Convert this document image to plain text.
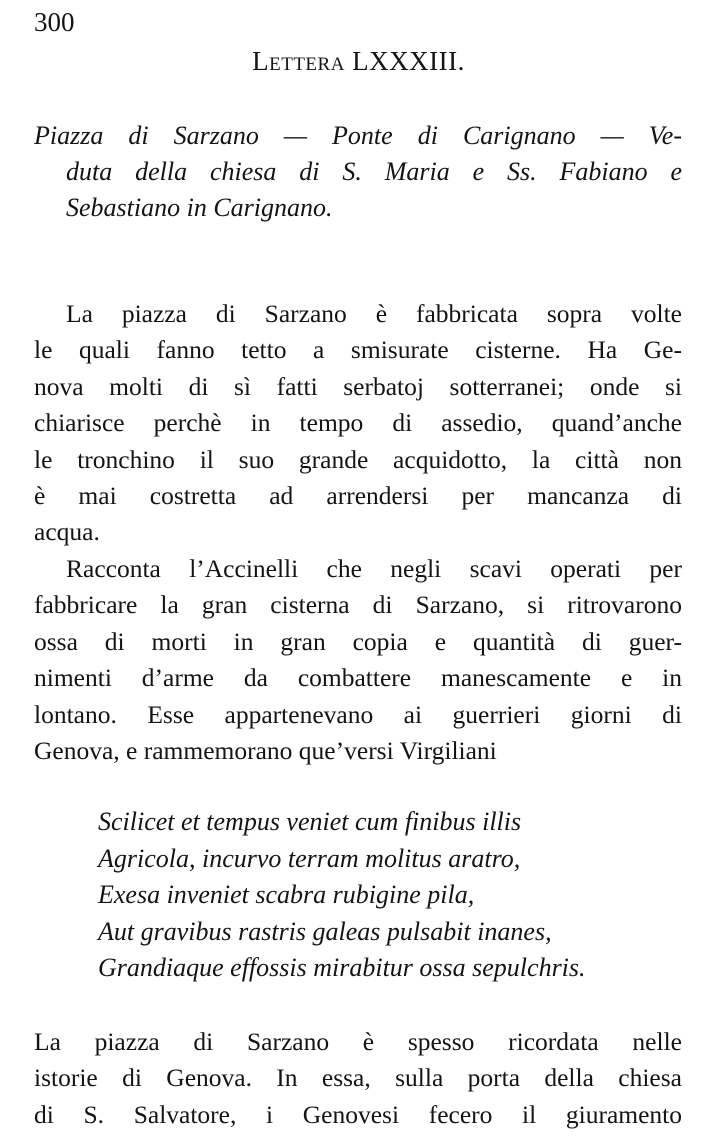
300
Lettera LXXXIII.
Piazza di Sarzano — Ponte di Carignano — Ve-
duta della chiesa di S. Maria e Ss. Fabiano e
Sebastiano in Carignano.
La piazza di Sarzano è fabbricata sopra volte
le quali fanno tetto a smisurate cisterne. Ha Ge-
nova molti di sì fatti serbatoj sotterranei; onde si
chiarisce perchè in tempo di assedio, quand’anche
le tronchino il suo grande acquidotto, la città non
è mai costretta ad arrendersi per mancanza di
acqua.
Racconta l’Accinelli che negli scavi operati per
fabbricare la gran cisterna di Sarzano, si ritrovarono
ossa di morti in gran copia e quantità di guer-
nimenti d’arme da combattere manescamente e in
lontano. Esse appartenevano ai guerrieri giorni di
Genova, e rammemorano que’versi Virgiliani
Scilicet et tempus veniet cum finibus illis
Agricola, incurvo terram molitus aratro,
Exesa inveniet scabra rubigine pila,
Aut gravibus rastris galeas pulsabit inanes,
Grandiaque effossis mirabitur ossa sepulchris.
La piazza di Sarzano è spesso ricordata nelle
istorie di Genova. In essa, sulla porta della chiesa
di S. Salvatore, i Genovesi fecero il giuramento
